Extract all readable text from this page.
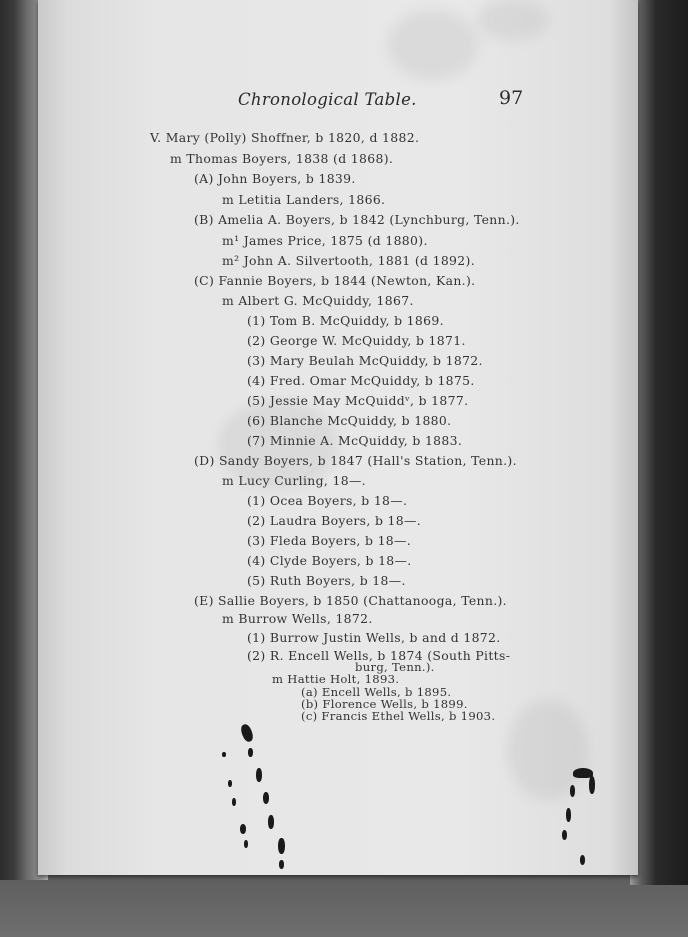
Chronological Table.	97
V. Mary (Polly) Shoffner, b 1820, d 1882.
m Thomas Boyers, 1838 (d 1868).
(A) John Boyers, b 1839.
m Letitia Landers, 1866.
(B) Amelia A. Boyers, b 1842 (Lynchburg, Tenn.).
m¹ James Price, 1875 (d 1880).
m² John A. Silvertooth, 1881 (d 1892).
(C) Fannie Boyers, b 1844 (Newton, Kan.).
m Albert G. McQuiddy, 1867.
(1) Tom B. McQuiddy, b 1869.
(2) George W. McQuiddy, b 1871.
(3) Mary Beulah McQuiddy, b 1872.
(4) Fred. Omar McQuiddy, b 1875.
(5) Jessie May McQuiddᵛ, b 1877.
(6) Blanche McQuiddy, b 1880.
(7) Minnie A. McQuiddy, b 1883.
(D) Sandy Boyers, b 1847 (Hall's Station, Tenn.).
m Lucy Curling, 18—.
(1) Ocea Boyers, b 18—.
(2) Laudra Boyers, b 18—.
(3) Fleda Boyers, b 18—.
(4) Clyde Boyers, b 18—.
(5) Ruth Boyers, b 18—.
(E) Sallie Boyers, b 1850 (Chattanooga, Tenn.).
m Burrow Wells, 1872.
(1) Burrow Justin Wells, b and d 1872.
(2) R. Encell Wells, b 1874 (South Pitts-
burg, Tenn.).
m Hattie Holt, 1893.
(a) Encell Wells, b 1895.
(b) Florence Wells, b 1899.
(c) Francis Ethel Wells, b 1903.
